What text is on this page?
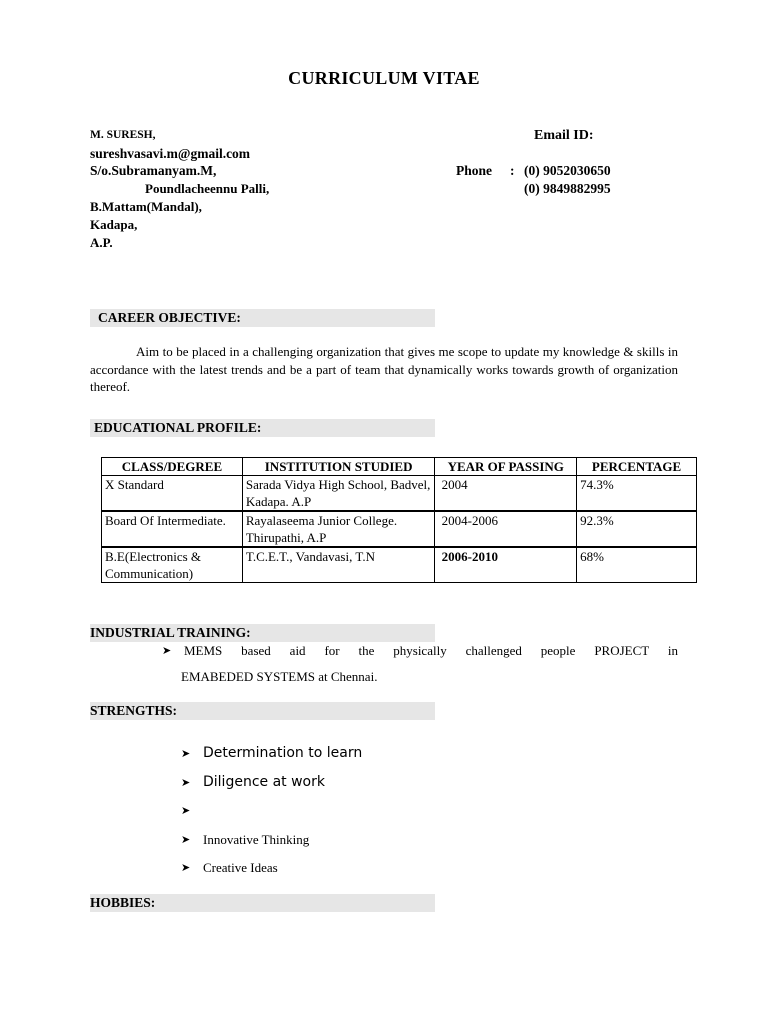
CURRICULUM VITAE
M. SURESH,	Email ID:
sureshvasavi.m@gmail.com
S/o.Subramanyam.M,	Phone : (0) 9052030650
(0) 9849882995
Poundlacheennu Palli,
B.Mattam(Mandal),
Kadapa,
A.P.
CAREER OBJECTIVE:
Aim to be placed in a challenging organization that gives me scope to update my knowledge & skills in accordance with the latest trends and be a part of team that dynamically works towards growth of organization thereof.
EDUCATIONAL PROFILE:
CLASS/DEGREE	INSTITUTION STUDIED	YEAR OF PASSING	PERCENTAGE
X Standard	Sarada Vidya High School, Badvel, Kadapa. A.P	2004	74.3%
Board Of Intermediate.	Rayalaseema Junior College. Thirupathi, A.P	2004-2006	92.3%
B.E(Electronics & Communication)	T.C.E.T., Vandavasi, T.N	2006-2010	68%
INDUSTRIAL TRAINING:
➤ MEMS based aid for the physically challenged people PROJECT in
EMABEDED SYSTEMS at Chennai.
STRENGTHS:
➤ Determination to learn
➤ Diligence at work
➤
➤ Innovative Thinking
➤ Creative Ideas
HOBBIES:
